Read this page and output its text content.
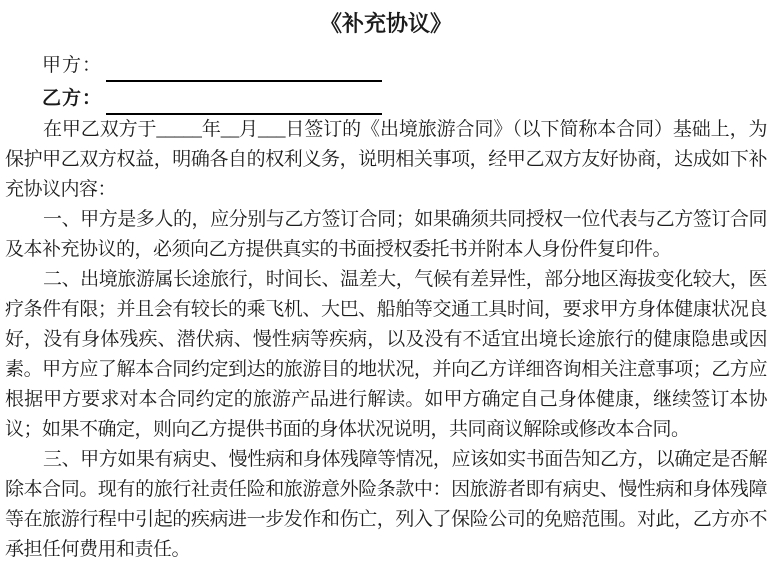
《补充协议》
甲方：
乙方：

在甲乙双方于_____年__月___日签订的《出境旅游合同》（以下简称本合同）基础上，为保护甲乙双方权益，明确各自的权利义务，说明相关事项，经甲乙双方友好协商，达成如下补充协议内容：

一、甲方是多人的，应分别与乙方签订合同；如果确须共同授权一位代表与乙方签订合同及本补充协议的，必须向乙方提供真实的书面授权委托书并附本人身份件复印件。

二、出境旅游属长途旅行，时间长、温差大，气候有差异性，部分地区海拔变化较大，医疗条件有限；并且会有较长的乘飞机、大巴、船舶等交通工具时间，要求甲方身体健康状况良好，没有身体残疾、潜伏病、慢性病等疾病，以及没有不适宜出境长途旅行的健康隐患或因素。甲方应了解本合同约定到达的旅游目的地状况，并向乙方详细咨询相关注意事项；乙方应根据甲方要求对本合同约定的旅游产品进行解读。如甲方确定自己身体健康，继续签订本协议；如果不确定，则向乙方提供书面的身体状况说明，共同商议解除或修改本合同。

三、甲方如果有病史、慢性病和身体残障等情况，应该如实书面告知乙方，以确定是否解除本合同。现有的旅行社责任险和旅游意外险条款中：因旅游者即有病史、慢性病和身体残障等在旅游行程中引起的疾病进一步发作和伤亡，列入了保险公司的免赔范围。对此，乙方亦不承担任何费用和责任。
